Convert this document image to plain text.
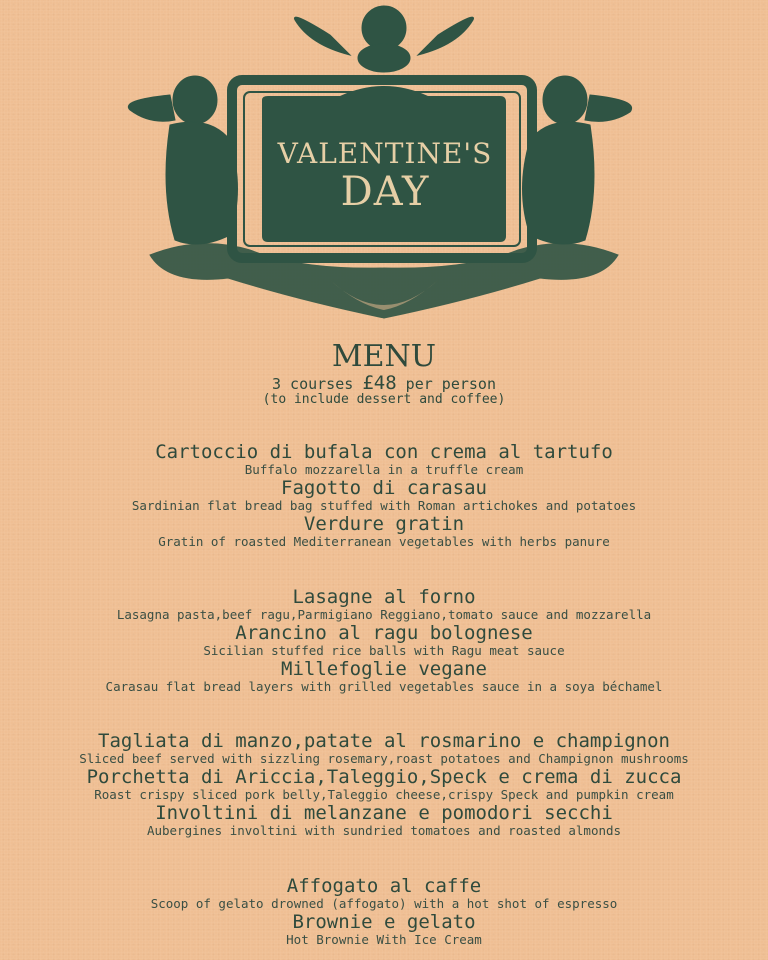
VALENTINE'S
DAY
MENU
3 courses £48 per person
(to include dessert and coffee)
Cartoccio di bufala con crema al tartufo
Buffalo mozzarella in a truffle cream
Fagotto di carasau
Sardinian flat bread bag stuffed with Roman artichokes and potatoes
Verdure gratin
Gratin of roasted Mediterranean vegetables with herbs panure
Lasagne al forno
Lasagna pasta,beef ragu,Parmigiano Reggiano,tomato sauce and mozzarella
Arancino al ragu bolognese
Sicilian stuffed rice balls with Ragu meat sauce
Millefoglie vegane
Carasau flat bread layers with grilled vegetables sauce in a soya béchamel
Tagliata di manzo,patate al rosmarino e champignon
Sliced beef served with sizzling rosemary,roast potatoes and Champignon mushrooms
Porchetta di Ariccia,Taleggio,Speck e crema di zucca
Roast crispy sliced pork belly,Taleggio cheese,crispy Speck and pumpkin cream
Involtini di melanzane e pomodori secchi
Aubergines involtini with sundried tomatoes and roasted almonds
Affogato al caffe
Scoop of gelato drowned (affogato) with a hot shot of espresso
Brownie e gelato
Hot Brownie With Ice Cream
